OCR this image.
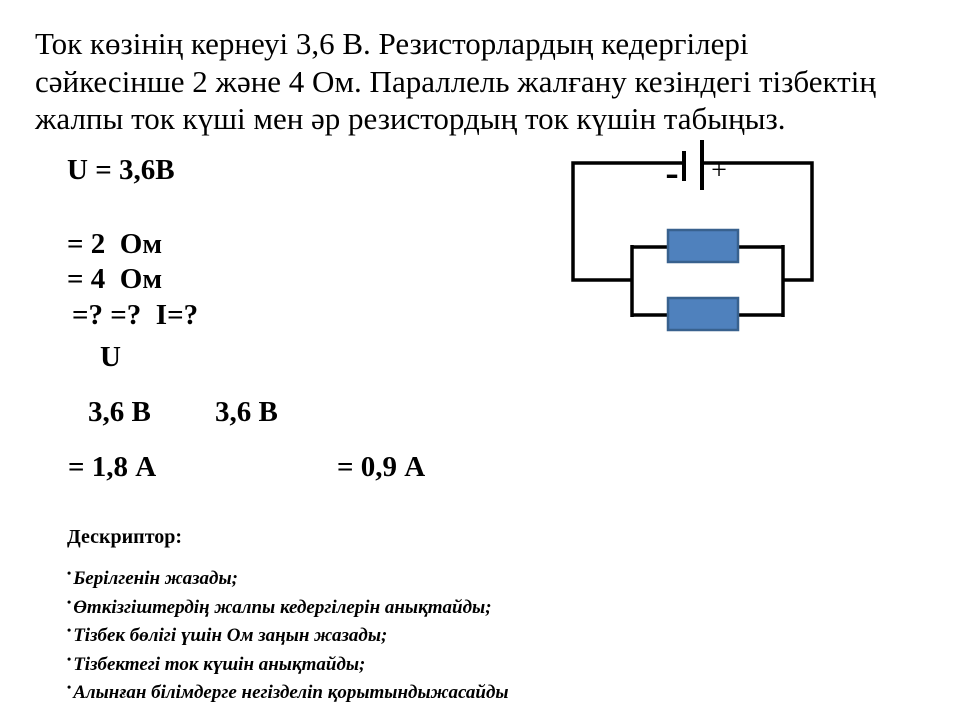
Ток көзінің кернеуі 3,6 В. Резисторлардың кедергілері
сәйкесінше 2 және 4 Ом. Параллель жалғану кезіндегі тізбектің
жалпы ток күші мен әр резистордың ток күшін табыңыз.
U = 3,6В
= 2  Ом
= 4  Ом
=? =?  I=?
U
3,6 В 3,6 В
= 1,8 А	= 0,9 А
- +
Дескриптор:
• Берілгенін жазады;
• Өткізгіштердің жалпы кедергілерін анықтайды;
• Тізбек бөлігі үшін Ом заңын жазады;
• Тізбектегі ток күшін анықтайды;
• Алынған білімдерге негізделіп қорытындыжасайды
